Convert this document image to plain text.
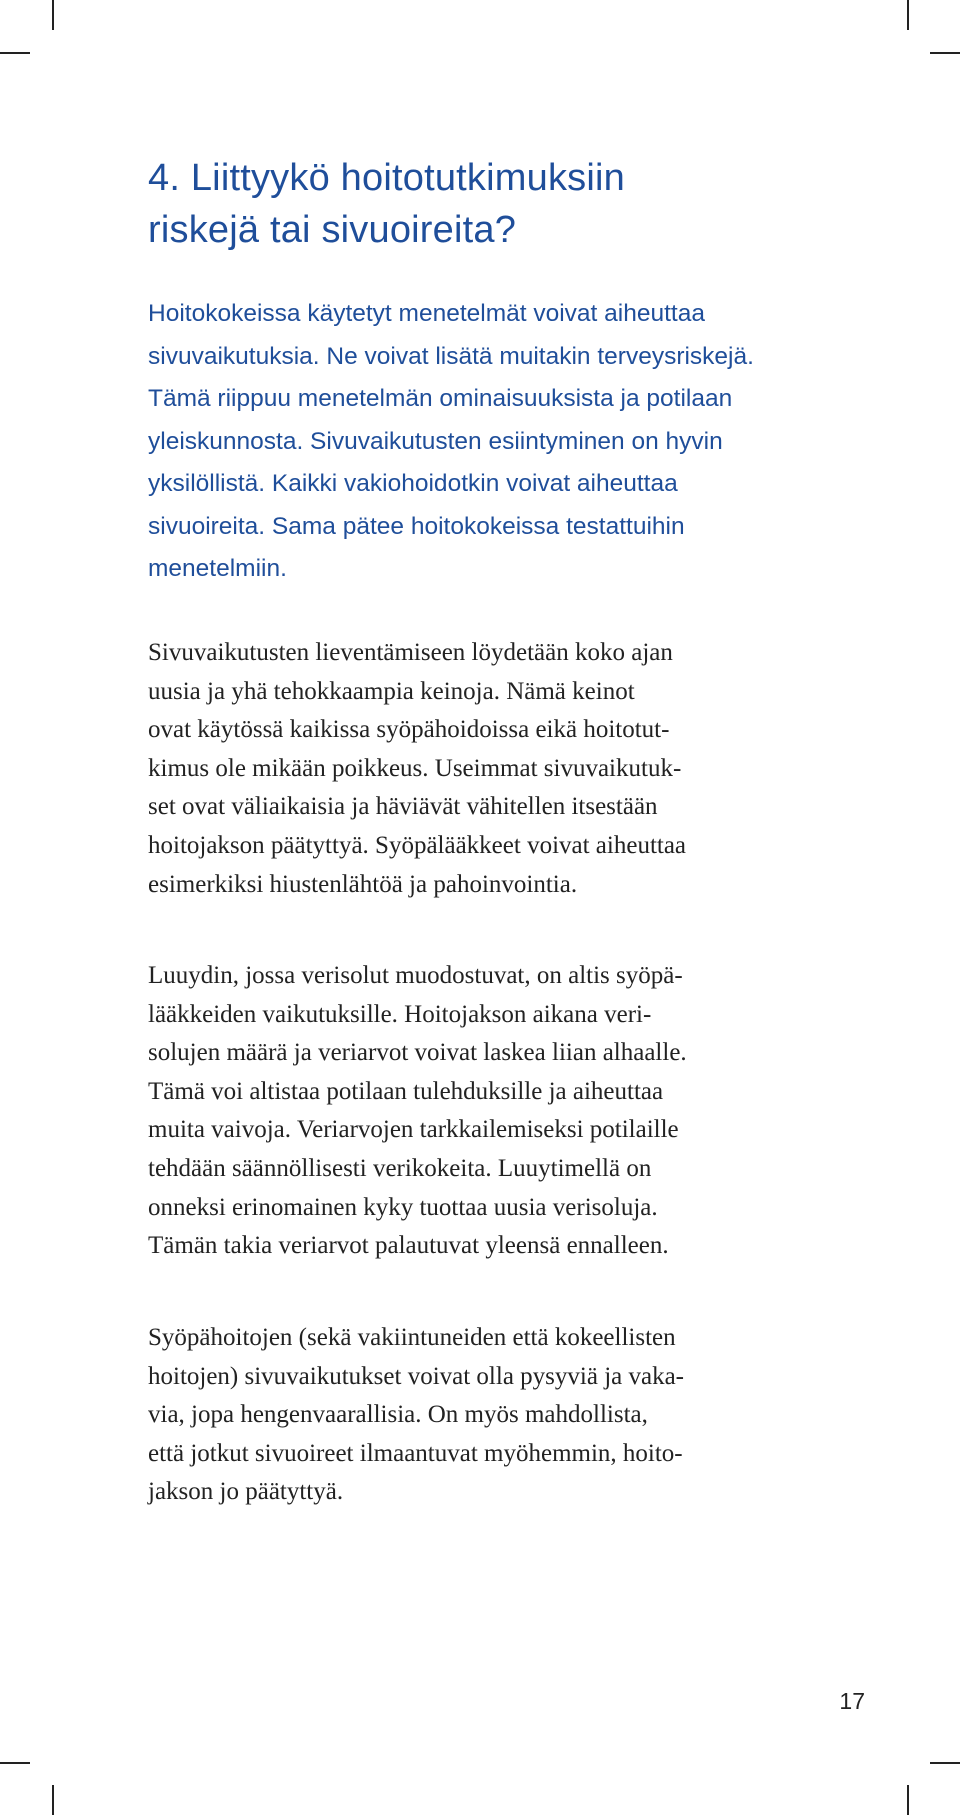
4. Liittyykö hoitotutkimuksiin
riskejä tai sivuoireita?

Hoitokokeissa käytetyt menetelmät voivat aiheuttaa
sivuvaikutuksia. Ne voivat lisätä muitakin terveysriskejä.
Tämä riippuu menetelmän ominaisuuksista ja potilaan
yleiskunnosta. Sivuvaikutusten esiintyminen on hyvin
yksilöllistä. Kaikki vakiohoidotkin voivat aiheuttaa
sivuoireita. Sama pätee hoitokokeissa testattuihin
menetelmiin.

Sivuvaikutusten lieventämiseen löydetään koko ajan
uusia ja yhä tehokkaampia keinoja. Nämä keinot
ovat käytössä kaikissa syöpähoidoissa eikä hoitotut-
kimus ole mikään poikkeus. Useimmat sivuvaikutuk-
set ovat väliaikaisia ja häviävät vähitellen itsestään
hoitojakson päätyttyä. Syöpälääkkeet voivat aiheuttaa
esimerkiksi hiustenlähtöä ja pahoinvointia.

Luuydin, jossa verisolut muodostuvat, on altis syöpä-
lääkkeiden vaikutuksille. Hoitojakson aikana veri-
solujen määrä ja veriarvot voivat laskea liian alhaalle.
Tämä voi altistaa potilaan tulehduksille ja aiheuttaa
muita vaivoja. Veriarvojen tarkkailemiseksi potilaille
tehdään säännöllisesti verikokeita. Luuytimellä on
onneksi erinomainen kyky tuottaa uusia verisoluja.
Tämän takia veriarvot palautuvat yleensä ennalleen.

Syöpähoitojen (sekä vakiintuneiden että kokeellisten
hoitojen) sivuvaikutukset voivat olla pysyviä ja vaka-
via, jopa hengenvaarallisia. On myös mahdollista,
että jotkut sivuoireet ilmaantuvat myöhemmin, hoito-
jakson jo päätyttyä.

17
